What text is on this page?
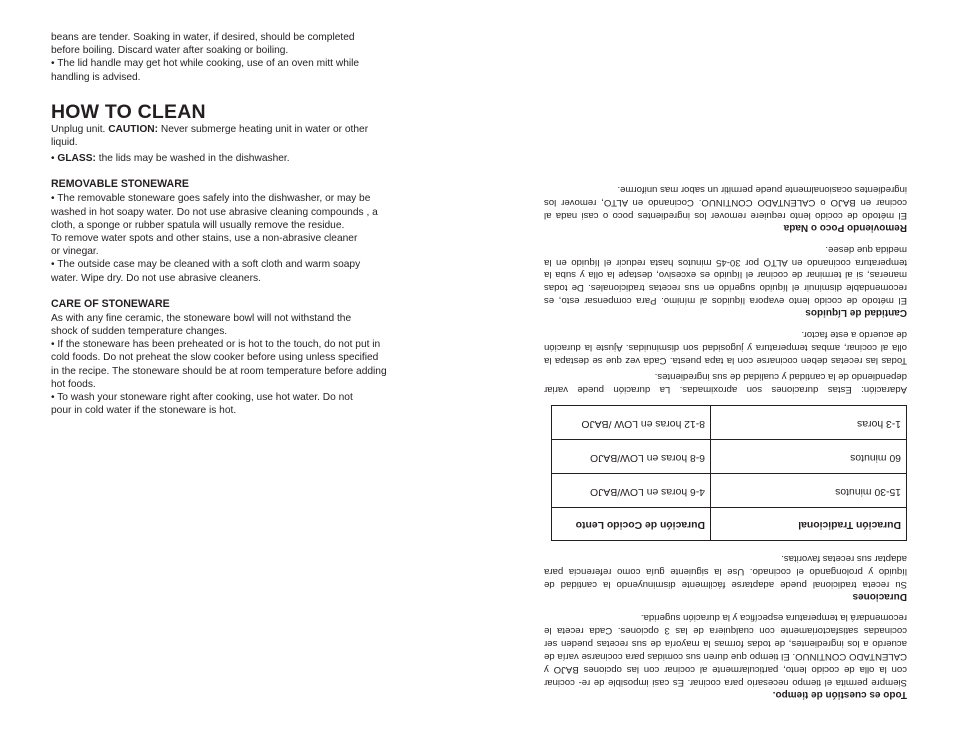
beans are tender. Soaking in water, if desired, should be completed

before boiling. Discard water after soaking or boiling.

• The lid handle may get hot while cooking, use of an oven mitt while

handling is advised.

HOW TO CLEAN

Unplug unit. CAUTION: Never submerge heating unit in water or other

liquid.

• GLASS: the lids may be washed in the dishwasher.

REMOVABLE STONEWARE

• The removable stoneware goes safely into the dishwasher, or may be

washed in hot soapy water. Do not use abrasive cleaning compounds , a

cloth, a sponge or rubber spatula will usually remove the residue.

To remove water spots and other stains, use a non-abrasive cleaner

or vinegar.

• The outside case may be cleaned with a soft cloth and warm soapy

water. Wipe dry. Do not use abrasive cleaners.

CARE OF STONEWARE

As with any fine ceramic, the stoneware bowl will not withstand the

shock of sudden temperature changes.

• If the stoneware has been preheated or is hot to the touch, do not put in

cold foods. Do not preheat the slow cooker before using unless specified

in the recipe. The stoneware should be at room temperature before adding

hot foods.

• To wash your stoneware right after cooking, use hot water. Do not

pour in cold water if the stoneware is hot.

Todo es cuestión de tiempo.

Siempre permita el tiempo necesario para cocinar. Es casi imposible de re- cocinar con la olla de cocido lento, particularmente al cocinar con las opciones BAJO y CALENTADO CONTINUO. El tiempo que duren sus comidas para cocinarse varía de acuerdo a los ingredientes, de todas formas la mayoría de sus recetas pueden ser cocinadas satisfactoriamente con cualquiera de las 3 opciones. Cada receta le recomendará la temperatura específica y la duración sugerida.

Duraciones

Su receta tradicional puede adaptarse fácilmente disminuyendo la cantidad de líquido y prolongando el cocinado. Use la siguiente guía como referencia para adaptar sus recetas favoritas.

Duración Tradicional	Duración de Cocido Lento
15-30 minutos	4-6 horas en LOW/BAJO
60 minutos	6-8 horas en LOW/BAJO
1-3 horas	8-12 horas en LOW /BAJO

Adaración: Estas duraciones son aproximadas. La duración puede variar dependiendo de la cantidad y cualidad de sus ingredientes.

Todas las recetas deben cocinarse con la tapa puesta. Cada vez que se destapa la olla al cocinar, ambas temperatura y jugosidad son disminuidas. Ajuste la duración de acuerdo a este factor.

Cantidad de Líquidos

El método de cocido lento evapora líquidos al mínimo. Para compensar esto, es recomendable disminuir el líquido sugerido en sus recetas tradicionales. De todas maneras, si al terminar de cocinar el líquido es excesivo, destape la olla y suba la temperatura cocinando en ALTO por 30-45 minutos hasta reducir el líquido en la medida que desee.

Removiendo Poco o Nada

El método de cocido lento requiere remover los ingredientes poco o casi nada al cocinar en BAJO o CALENTADO CONTINUO. Cocinando en ALTO, remover los ingredientes ocasionalmente puede permitir un sabor mas uniforme.
